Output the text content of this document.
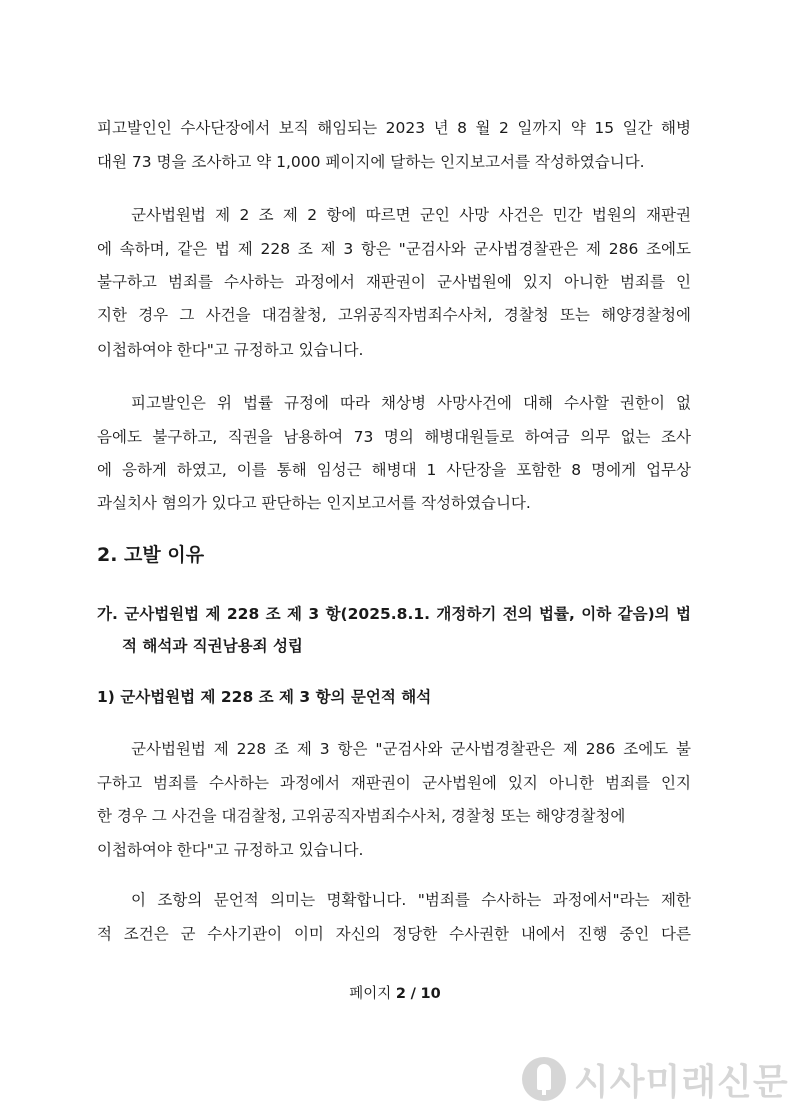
피고발인인 수사단장에서 보직 해임되는 2023 년 8 월 2 일까지 약 15 일간 해병
대원 73 명을 조사하고 약 1,000 페이지에 달하는 인지보고서를 작성하였습니다.
군사법원법 제 2 조 제 2 항에 따르면 군인 사망 사건은 민간 법원의 재판권
에 속하며, 같은 법 제 228 조 제 3 항은 "군검사와 군사법경찰관은 제 286 조에도
불구하고 범죄를 수사하는 과정에서 재판권이 군사법원에 있지 아니한 범죄를 인
지한 경우 그 사건을 대검찰청, 고위공직자범죄수사처, 경찰청 또는 해양경찰청에
이첩하여야 한다"고 규정하고 있습니다.
피고발인은 위 법률 규정에 따라 채상병 사망사건에 대해 수사할 권한이 없
음에도 불구하고, 직권을 남용하여 73 명의 해병대원들로 하여금 의무 없는 조사
에 응하게 하였고, 이를 통해 임성근 해병대 1 사단장을 포함한 8 명에게 업무상
과실치사 혐의가 있다고 판단하는 인지보고서를 작성하였습니다.
2. 고발 이유
가. 군사법원법 제 228 조 제 3 항(2025.8.1. 개정하기 전의 법률, 이하 같음)의 법
적 해석과 직권남용죄 성립
1) 군사법원법 제 228 조 제 3 항의 문언적 해석
군사법원법 제 228 조 제 3 항은 "군검사와 군사법경찰관은 제 286 조에도 불
구하고 범죄를 수사하는 과정에서 재판권이 군사법원에 있지 아니한 범죄를 인지
한 경우 그 사건을 대검찰청, 고위공직자범죄수사처, 경찰청 또는 해양경찰청에
이첩하여야 한다"고 규정하고 있습니다.
이 조항의 문언적 의미는 명확합니다. "범죄를 수사하는 과정에서"라는 제한
적 조건은 군 수사기관이 이미 자신의 정당한 수사권한 내에서 진행 중인 다른
페이지 2 / 10
시사미래신문
